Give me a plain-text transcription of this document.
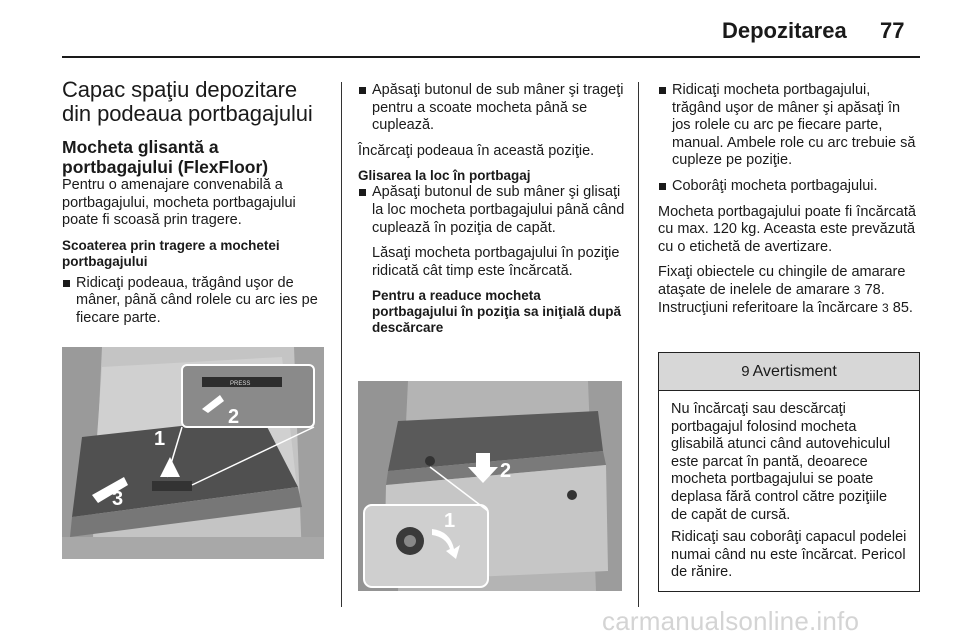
Depozitarea 77
Capac spaţiu depozitare din podeaua portbagajului
Mocheta glisantă a portbagajului (FlexFloor)

Pentru o amenajare convenabilă a portbagajului, mocheta portbagajului poate fi scoasă prin tragere.

Scoaterea prin tragere a mochetei portbagajului

Ridicaţi podeaua, trăgând uşor de mâner, până când rolele cu arc ies pe fiecare parte.

PRESS
1
2
3

Apăsaţi butonul de sub mâner şi trageţi pentru a scoate mocheta până se cuplează.

Încărcaţi podeaua în această poziţie.

Glisarea la loc în portbagaj

Apăsaţi butonul de sub mâner şi glisaţi la loc mocheta portbagajului până când cuplează în poziţia de capăt.

Lăsaţi mocheta portbagajului în poziţie ridicată cât timp este încărcată.

Pentru a readuce mocheta portbagajului în poziţia sa iniţială după descărcare
1
2

Ridicaţi mocheta portbagajului, trăgând uşor de mâner şi apăsaţi în jos rolele cu arc pe fiecare parte, manual. Ambele role cu arc trebuie să cupleze pe poziţie.

Coborâţi mocheta portbagajului.

Mocheta portbagajului poate fi încărcată cu max. 120 kg. Aceasta este prevăzută cu o etichetă de avertizare.

Fixaţi obiectele cu chingile de amarare ataşate de inelele de amarare 3 78. Instrucţiuni referitoare la încărcare 3 85.

9 Avertisment

Nu încărcaţi sau descărcaţi portbagajul folosind mocheta glisabilă atunci când autovehiculul este parcat în pantă, deoarece mocheta portbagajului se poate deplasa fără control către poziţiile de capăt de cursă.

Ridicaţi sau coborâţi capacul podelei numai când nu este încărcat. Pericol de rănire.

carmanualsonline.info
